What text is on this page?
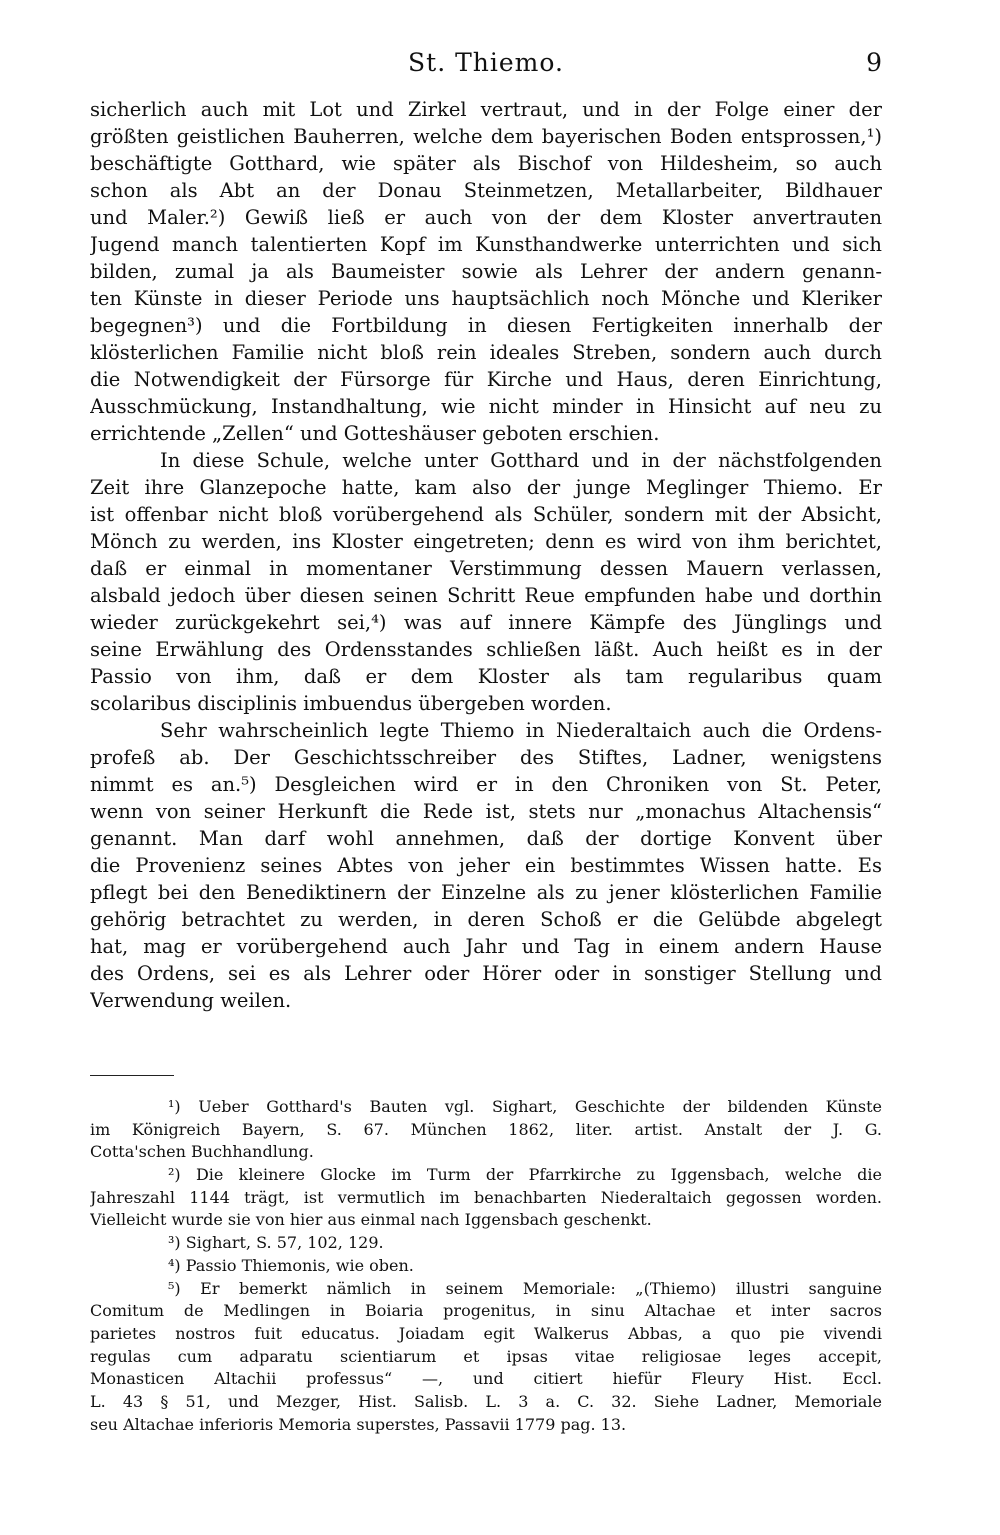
St. Thiemo.	9
sicherlich auch mit Lot und Zirkel vertraut, und in der Folge einer der
größten geistlichen Bauherren, welche dem bayerischen Boden entsprossen,¹)
beschäftigte Gotthard, wie später als Bischof von Hildesheim, so auch
schon als Abt an der Donau Steinmetzen, Metallarbeiter, Bildhauer
und Maler.²) Gewiß ließ er auch von der dem Kloster anvertrauten
Jugend manch talentierten Kopf im Kunsthandwerke unterrichten und sich
bilden, zumal ja als Baumeister sowie als Lehrer der andern genann-
ten Künste in dieser Periode uns hauptsächlich noch Mönche und Kleriker
begegnen³) und die Fortbildung in diesen Fertigkeiten innerhalb der
klösterlichen Familie nicht bloß rein ideales Streben, sondern auch durch
die Notwendigkeit der Fürsorge für Kirche und Haus, deren Einrichtung,
Ausschmückung, Instandhaltung, wie nicht minder in Hinsicht auf neu zu
errichtende „Zellen“ und Gotteshäuser geboten erschien.
In diese Schule, welche unter Gotthard und in der nächstfolgenden
Zeit ihre Glanzepoche hatte, kam also der junge Meglinger Thiemo. Er
ist offenbar nicht bloß vorübergehend als Schüler, sondern mit der Absicht,
Mönch zu werden, ins Kloster eingetreten; denn es wird von ihm berichtet,
daß er einmal in momentaner Verstimmung dessen Mauern verlassen,
alsbald jedoch über diesen seinen Schritt Reue empfunden habe und dorthin
wieder zurückgekehrt sei,⁴) was auf innere Kämpfe des Jünglings und
seine Erwählung des Ordensstandes schließen läßt. Auch heißt es in der
Passio von ihm, daß er dem Kloster als tam regularibus quam
scolaribus disciplinis imbuendus übergeben worden.
Sehr wahrscheinlich legte Thiemo in Niederaltaich auch die Ordens-
profeß ab. Der Geschichtsschreiber des Stiftes, Ladner, wenigstens
nimmt es an.⁵) Desgleichen wird er in den Chroniken von St. Peter,
wenn von seiner Herkunft die Rede ist, stets nur „monachus Altachensis“
genannt. Man darf wohl annehmen, daß der dortige Konvent über
die Provenienz seines Abtes von jeher ein bestimmtes Wissen hatte. Es
pflegt bei den Benediktinern der Einzelne als zu jener klösterlichen Familie
gehörig betrachtet zu werden, in deren Schoß er die Gelübde abgelegt
hat, mag er vorübergehend auch Jahr und Tag in einem andern Hause
des Ordens, sei es als Lehrer oder Hörer oder in sonstiger Stellung und
Verwendung weilen.
¹) Ueber Gotthard's Bauten vgl. Sighart, Geschichte der bildenden Künste
im Königreich Bayern, S. 67. München 1862, liter. artist. Anstalt der J. G.
Cotta'schen Buchhandlung.
²) Die kleinere Glocke im Turm der Pfarrkirche zu Iggensbach, welche die
Jahreszahl 1144 trägt, ist vermutlich im benachbarten Niederaltaich gegossen worden.
Vielleicht wurde sie von hier aus einmal nach Iggensbach geschenkt.
³) Sighart, S. 57, 102, 129.
⁴) Passio Thiemonis, wie oben.
⁵) Er bemerkt nämlich in seinem Memoriale: „(Thiemo) illustri sanguine
Comitum de Medlingen in Boiaria progenitus, in sinu Altachae et inter sacros
parietes nostros fuit educatus. Joiadam egit Walkerus Abbas, a quo pie vivendi
regulas cum adparatu scientiarum et ipsas vitae religiosae leges accepit,
Monasticen Altachii professus“ —, und citiert hiefür Fleury Hist. Eccl.
L. 43 § 51, und Mezger, Hist. Salisb. L. 3 a. C. 32. Siehe Ladner, Memoriale
seu Altachae inferioris Memoria superstes, Passavii 1779 pag. 13.
